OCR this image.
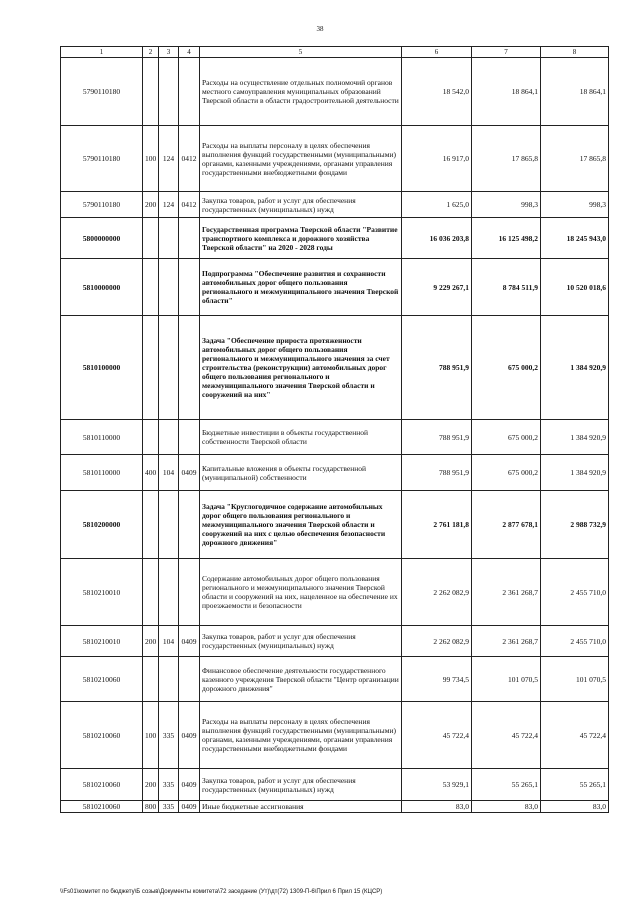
38
1	2	3	4	5	6	7	8
5790110180				Расходы на осуществление отдельных полномочий органов местного самоуправления муниципальных образований Тверской области в области градостроительной деятельности	18 542,0	18 864,1	18 864,1
5790110180	100	124	0412	Расходы на выплаты персоналу в целях обеспечения выполнения функций государственными (муниципальными) органами, казенными учреждениями, органами управления государственными внебюджетными фондами	16 917,0	17 865,8	17 865,8
5790110180	200	124	0412	Закупка товаров, работ и услуг для обеспечения государственных (муниципальных) нужд	1 625,0	998,3	998,3
5800000000				Государственная программа Тверской области "Развитие транспортного комплекса и дорожного хозяйства Тверской области" на 2020 - 2028 годы	16 036 203,8	16 125 498,2	18 245 943,0
5810000000				Подпрограмма "Обеспечение развития и сохранности автомобильных дорог общего пользования регионального и межмуниципального значения Тверской области"	9 229 267,1	8 784 511,9	10 520 018,6
5810100000				Задача "Обеспечение прироста протяженности автомобильных дорог общего пользования регионального и межмуниципального значения за счет строительства (реконструкции) автомобильных дорог общего пользования регионального и межмуниципального значения Тверской области и сооружений на них"	788 951,9	675 000,2	1 384 920,9
5810110000				Бюджетные инвестиции в объекты государственной собственности Тверской области	788 951,9	675 000,2	1 384 920,9
5810110000	400	104	0409	Капитальные вложения в объекты государственной (муниципальной) собственности	788 951,9	675 000,2	1 384 920,9
5810200000				Задача "Круглогодичное содержание автомобильных дорог общего пользования регионального и межмуниципального значения Тверской области и сооружений на них с целью обеспечения безопасности дорожного движения"	2 761 181,8	2 877 678,1	2 988 732,9
5810210010				Содержание автомобильных дорог общего пользования регионального и межмуниципального значения Тверской области и сооружений на них, нацеленное на обеспечение их проезжаемости и безопасности	2 262 082,9	2 361 268,7	2 455 710,0
5810210010	200	104	0409	Закупка товаров, работ и услуг для обеспечения государственных (муниципальных) нужд	2 262 082,9	2 361 268,7	2 455 710,0
5810210060				Финансовое обеспечение деятельности государственного казенного учреждения Тверской области "Центр организации дорожного движения"	99 734,5	101 070,5	101 070,5
5810210060	100	335	0409	Расходы на выплаты персоналу в целях обеспечения выполнения функций государственными (муниципальными) органами, казенными учреждениями, органами управления государственными внебюджетными фондами	45 722,4	45 722,4	45 722,4
5810210060	200	335	0409	Закупка товаров, работ и услуг для обеспечения государственных (муниципальных) нужд	53 929,1	55 265,1	55 265,1
5810210060	800	335	0409	Иные бюджетные ассигнования	83,0	83,0	83,0
\\Fs01\комитет по бюджету\Б созыв\Документы комитета\72 заседание (Ут)\дт(72) 1309-П-6\Прил 6 Прил 15 (КЦСР)
